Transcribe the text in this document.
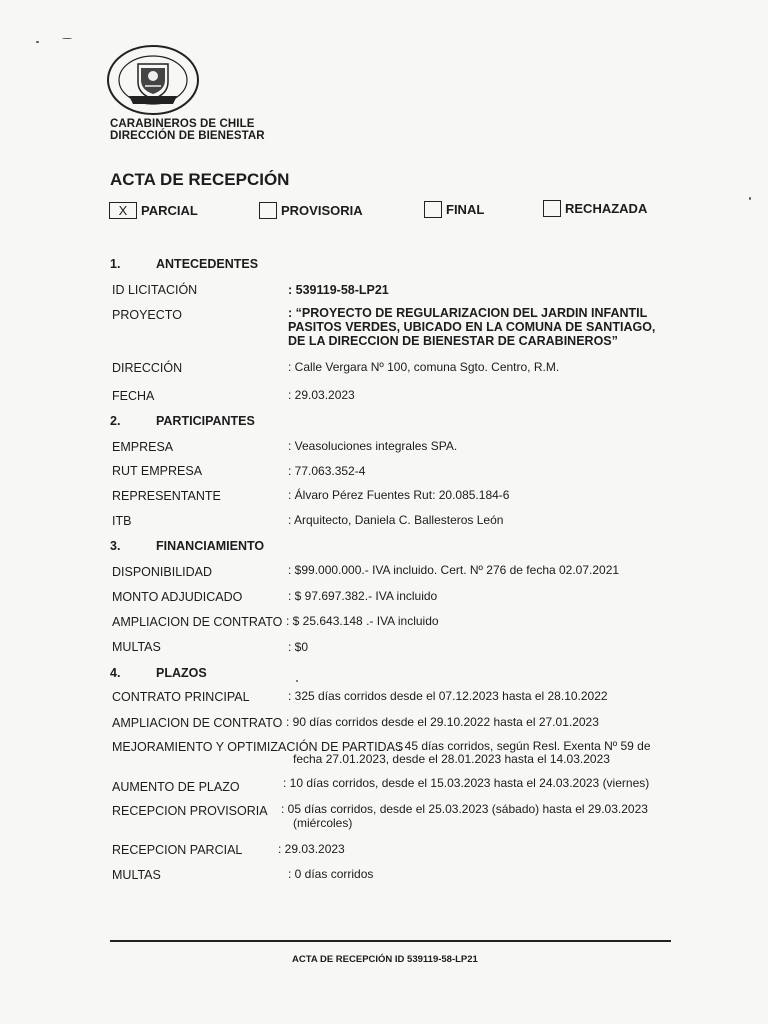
CARABINEROS DE CHILE
DIRECCIÓN DE BIENESTAR
ACTA DE RECEPCIÓN
X	PARCIAL	PROVISORIA	FINAL	RECHAZADA
1.	ANTECEDENTES
ID LICITACIÓN	: 539119-58-LP21
PROYECTO	: “PROYECTO DE REGULARIZACION DEL JARDIN INFANTIL PASITOS VERDES, UBICADO EN LA COMUNA DE SANTIAGO, DE LA DIRECCION DE BIENESTAR DE CARABINEROS”
DIRECCIÓN	: Calle Vergara Nº 100, comuna Sgto. Centro, R.M.
FECHA	: 29.03.2023
2.	PARTICIPANTES
EMPRESA	: Veasoluciones integrales SPA.
RUT EMPRESA	: 77.063.352-4
REPRESENTANTE	: Álvaro Pérez Fuentes Rut: 20.085.184-6
ITB	: Arquitecto, Daniela C. Ballesteros León
3.	FINANCIAMIENTO
DISPONIBILIDAD	: $99.000.000.- IVA incluido. Cert. Nº 276 de fecha 02.07.2021
MONTO ADJUDICADO	: $ 97.697.382.- IVA incluido
AMPLIACION DE CONTRATO : $ 25.643.148 .- IVA incluido
MULTAS	: $0
4.	PLAZOS
CONTRATO PRINCIPAL	: 325 días corridos desde el 07.12.2023 hasta el 28.10.2022
AMPLIACION DE CONTRATO : 90 días corridos desde el 29.10.2022 hasta el 27.01.2023
MEJORAMIENTO Y OPTIMIZACIÓN DE PARTIDAS
: 45 días corridos, según Resl. Exenta Nº 59 de
fecha 27.01.2023, desde el 28.01.2023 hasta el 14.03.2023
AUMENTO DE PLAZO	: 10 días corridos, desde el 15.03.2023 hasta el 24.03.2023 (viernes)
RECEPCION PROVISORIA : 05 días corridos, desde el 25.03.2023 (sábado) hasta el 29.03.2023
(miércoles)
RECEPCION PARCIAL	: 29.03.2023
MULTAS	: 0 días corridos
ACTA DE RECEPCIÓN ID 539119-58-LP21
